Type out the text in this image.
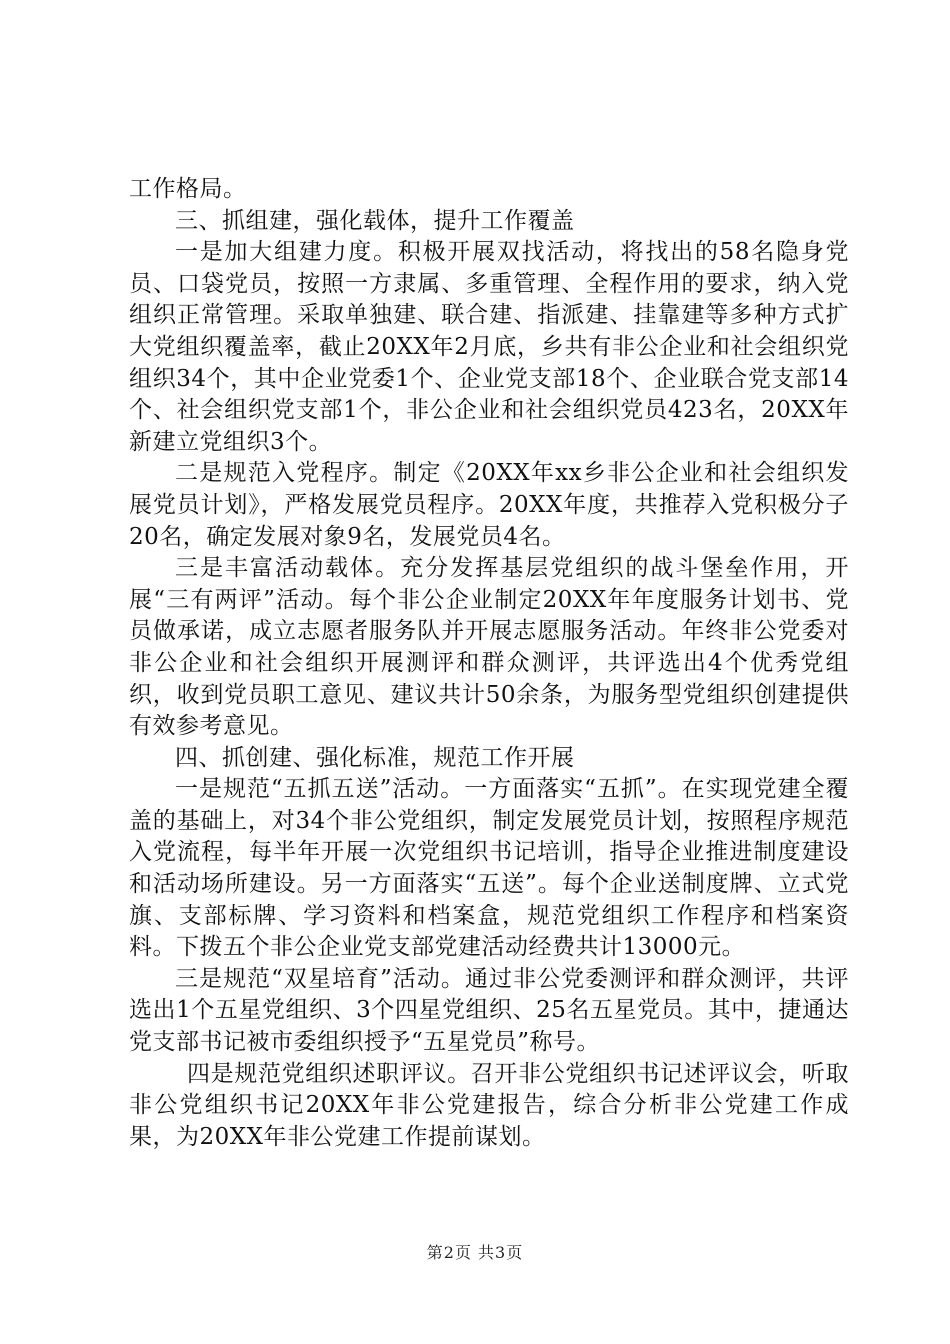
工作格局。

三、抓组建，强化载体，提升工作覆盖

一是加大组建力度。积极开展双找活动，将找出的58名隐身党员、口袋党员，按照一方隶属、多重管理、全程作用的要求，纳入党组织正常管理。采取单独建、联合建、指派建、挂靠建等多种方式扩大党组织覆盖率，截止20XX年2月底，乡共有非公企业和社会组织党组织34个，其中企业党委1个、企业党支部18个、企业联合党支部14个、社会组织党支部1个，非公企业和社会组织党员423名，20XX年新建立党组织3个。

二是规范入党程序。制定《20XX年xx乡非公企业和社会组织发展党员计划》，严格发展党员程序。20XX年度，共推荐入党积极分子20名，确定发展对象9名，发展党员4名。

三是丰富活动载体。充分发挥基层党组织的战斗堡垒作用，开展“三有两评”活动。每个非公企业制定20XX年年度服务计划书、党员做承诺，成立志愿者服务队并开展志愿服务活动。年终非公党委对非公企业和社会组织开展测评和群众测评，共评选出4个优秀党组织，收到党员职工意见、建议共计50余条，为服务型党组织创建提供有效参考意见。

四、抓创建、强化标准，规范工作开展

一是规范“五抓五送”活动。一方面落实“五抓”。在实现党建全覆盖的基础上，对34个非公党组织，制定发展党员计划，按照程序规范入党流程，每半年开展一次党组织书记培训，指导企业推进制度建设和活动场所建设。另一方面落实“五送”。每个企业送制度牌、立式党旗、支部标牌、学习资料和档案盒，规范党组织工作程序和档案资料。下拨五个非公企业党支部党建活动经费共计13000元。

三是规范“双星培育”活动。通过非公党委测评和群众测评，共评选出1个五星党组织、3个四星党组织、25名五星党员。其中，捷通达党支部书记被市委组织授予“五星党员”称号。

四是规范党组织述职评议。召开非公党组织书记述评议会，听取非公党组织书记20XX年非公党建报告，综合分析非公党建工作成果，为20XX年非公党建工作提前谋划。

第2页 共3页
